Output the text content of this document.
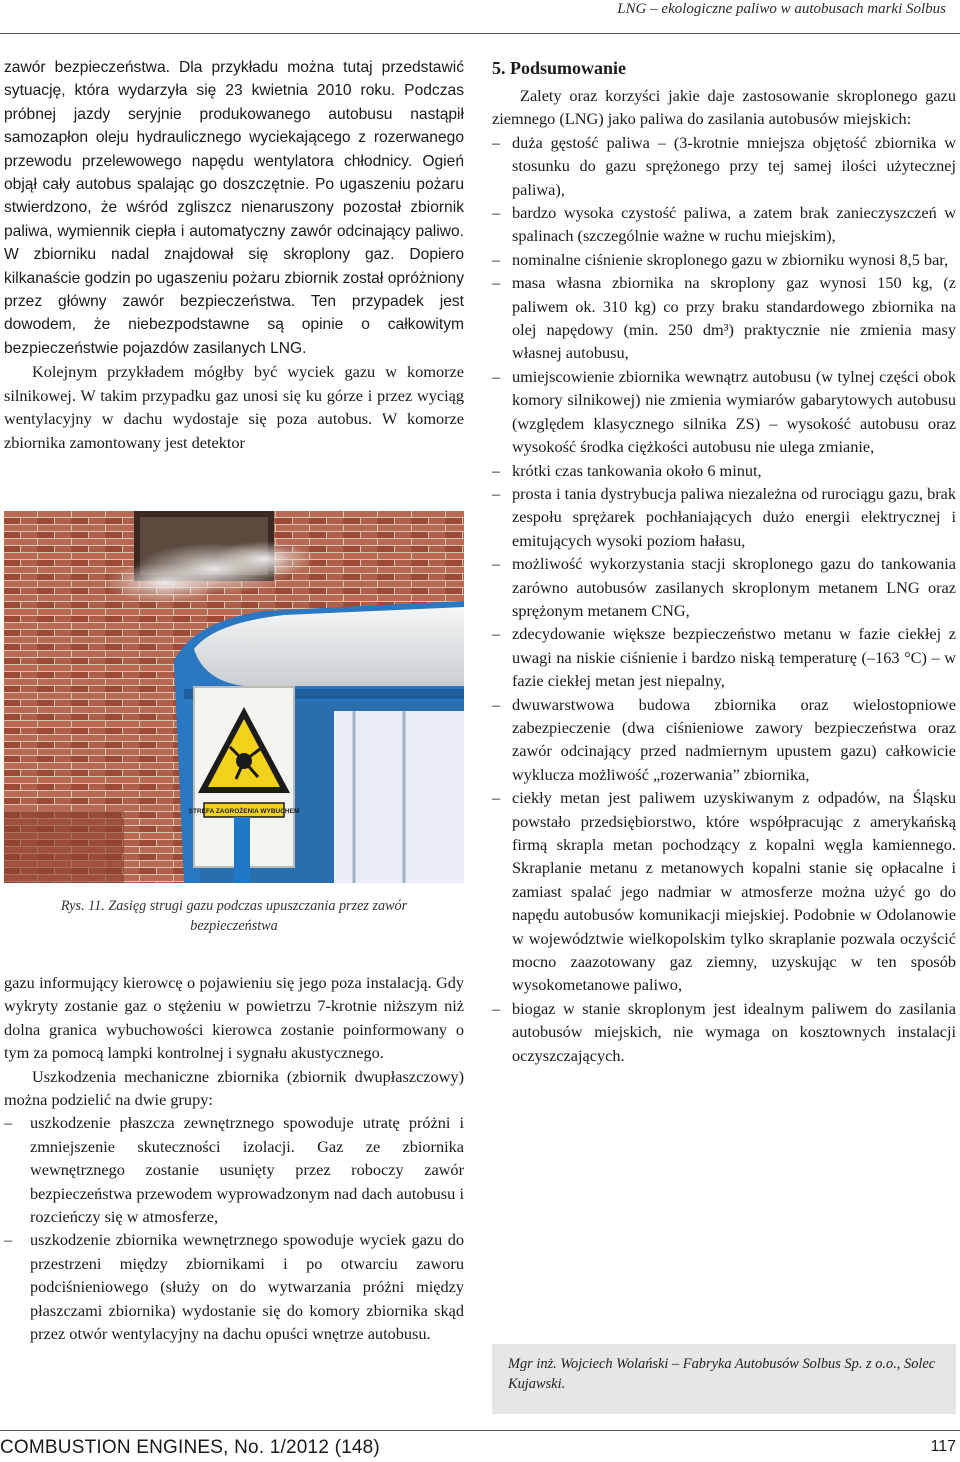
LNG – ekologiczne paliwo w autobusach marki Solbus

zawór bezpieczeństwa. Dla przykładu można tutaj przedstawić sytuację, która wydarzyła się 23 kwietnia 2010 roku. Podczas próbnej jazdy seryjnie produkowanego autobusu nastąpił samozapłon oleju hydraulicznego wyciekającego z rozerwanego przewodu przelewowego napędu wentylatora chłodnicy. Ogień objął cały autobus spalając go doszczętnie. Po ugaszeniu pożaru stwierdzono, że wśród zgliszcz nienaruszony pozostał zbiornik paliwa, wymiennik ciepła i automatyczny zawór odcinający paliwo. W zbiorniku nadal znajdował się skroplony gaz. Dopiero kilkanaście godzin po ugaszeniu pożaru zbiornik został opróżniony przez główny zawór bezpieczeństwa. Ten przypadek jest dowodem, że niebezpodstawne są opinie o całkowitym bezpieczeństwie pojazdów zasilanych LNG.

Kolejnym przykładem mógłby być wyciek gazu w komorze silnikowej. W takim przypadku gaz unosi się ku górze i przez wyciąg wentylacyjny w dachu wydostaje się poza autobus. W komorze zbiornika zamontowany jest detektor

STREFA ZAGROŻENIA WYBUCHEM
Rys. 11. Zasięg strugi gazu podczas upuszczania przez zawór bezpieczeństwa

gazu informujący kierowcę o pojawieniu się jego poza instalacją. Gdy wykryty zostanie gaz o stężeniu w powietrzu 7-krotnie niższym niż dolna granica wybuchowości kierowca zostanie poinformowany o tym za pomocą lampki kontrolnej i sygnału akustycznego.

Uszkodzenia mechaniczne zbiornika (zbiornik dwupłaszczowy) można podzielić na dwie grupy:

– uszkodzenie płaszcza zewnętrznego spowoduje utratę próżni i zmniejszenie skuteczności izolacji. Gaz ze zbiornika wewnętrznego zostanie usunięty przez roboczy zawór bezpieczeństwa przewodem wyprowadzonym nad dach autobusu i rozcieńczy się w atmosferze,
– uszkodzenie zbiornika wewnętrznego spowoduje wyciek gazu do przestrzeni między zbiornikami i po otwarciu zaworu podciśnieniowego (służy on do wytwarzania próżni między płaszczami zbiornika) wydostanie się do komory zbiornika skąd przez otwór wentylacyjny na dachu opuści wnętrze autobusu.
5. Podsumowanie

Zalety oraz korzyści jakie daje zastosowanie skroplonego gazu ziemnego (LNG) jako paliwa do zasilania autobusów miejskich:

– duża gęstość paliwa – (3-krotnie mniejsza objętość zbiornika w stosunku do gazu sprężonego przy tej samej ilości użytecznej paliwa),
– bardzo wysoka czystość paliwa, a zatem brak zanieczyszczeń w spalinach (szczególnie ważne w ruchu miejskim),
– nominalne ciśnienie skroplonego gazu w zbiorniku wynosi 8,5 bar,
– masa własna zbiornika na skroplony gaz wynosi 150 kg, (z paliwem ok. 310 kg) co przy braku standardowego zbiornika na olej napędowy (min. 250 dm³) praktycznie nie zmienia masy własnej autobusu,
– umiejscowienie zbiornika wewnątrz autobusu (w tylnej części obok komory silnikowej) nie zmienia wymiarów gabarytowych autobusu (względem klasycznego silnika ZS) – wysokość autobusu oraz wysokość środka ciężkości autobusu nie ulega zmianie,
– krótki czas tankowania około 6 minut,
– prosta i tania dystrybucja paliwa niezależna od rurociągu gazu, brak zespołu sprężarek pochłaniających dużo energii elektrycznej i emitujących wysoki poziom hałasu,
– możliwość wykorzystania stacji skroplonego gazu do tankowania zarówno autobusów zasilanych skroplonym metanem LNG oraz sprężonym metanem CNG,
– zdecydowanie większe bezpieczeństwo metanu w fazie ciekłej z uwagi na niskie ciśnienie i bardzo niską temperaturę (–163 °C) – w fazie ciekłej metan jest niepalny,
– dwuwarstwowa budowa zbiornika oraz wielostopniowe zabezpieczenie (dwa ciśnieniowe zawory bezpieczeństwa oraz zawór odcinający przed nadmiernym upustem gazu) całkowicie wyklucza możliwość „rozerwania” zbiornika,
– ciekły metan jest paliwem uzyskiwanym z odpadów, na Śląsku powstało przedsiębiorstwo, które współpracując z amerykańską firmą skrapla metan pochodzący z kopalni węgla kamiennego. Skraplanie metanu z metanowych kopalni stanie się opłacalne i zamiast spalać jego nadmiar w atmosferze można użyć go do napędu autobusów komunikacji miejskiej. Podobnie w Odolanowie w województwie wielkopolskim tylko skraplanie pozwala oczyścić mocno zaazotowany gaz ziemny, uzyskując w ten sposób wysokometanowe paliwo,
– biogaz w stanie skroplonym jest idealnym paliwem do zasilania autobusów miejskich, nie wymaga on kosztownych instalacji oczyszczających.
Mgr inż. Wojciech Wolański – Fabryka Autobusów Solbus Sp. z o.o., Solec Kujawski.
COMBUSTION ENGINES, No. 1/2012 (148)	117
